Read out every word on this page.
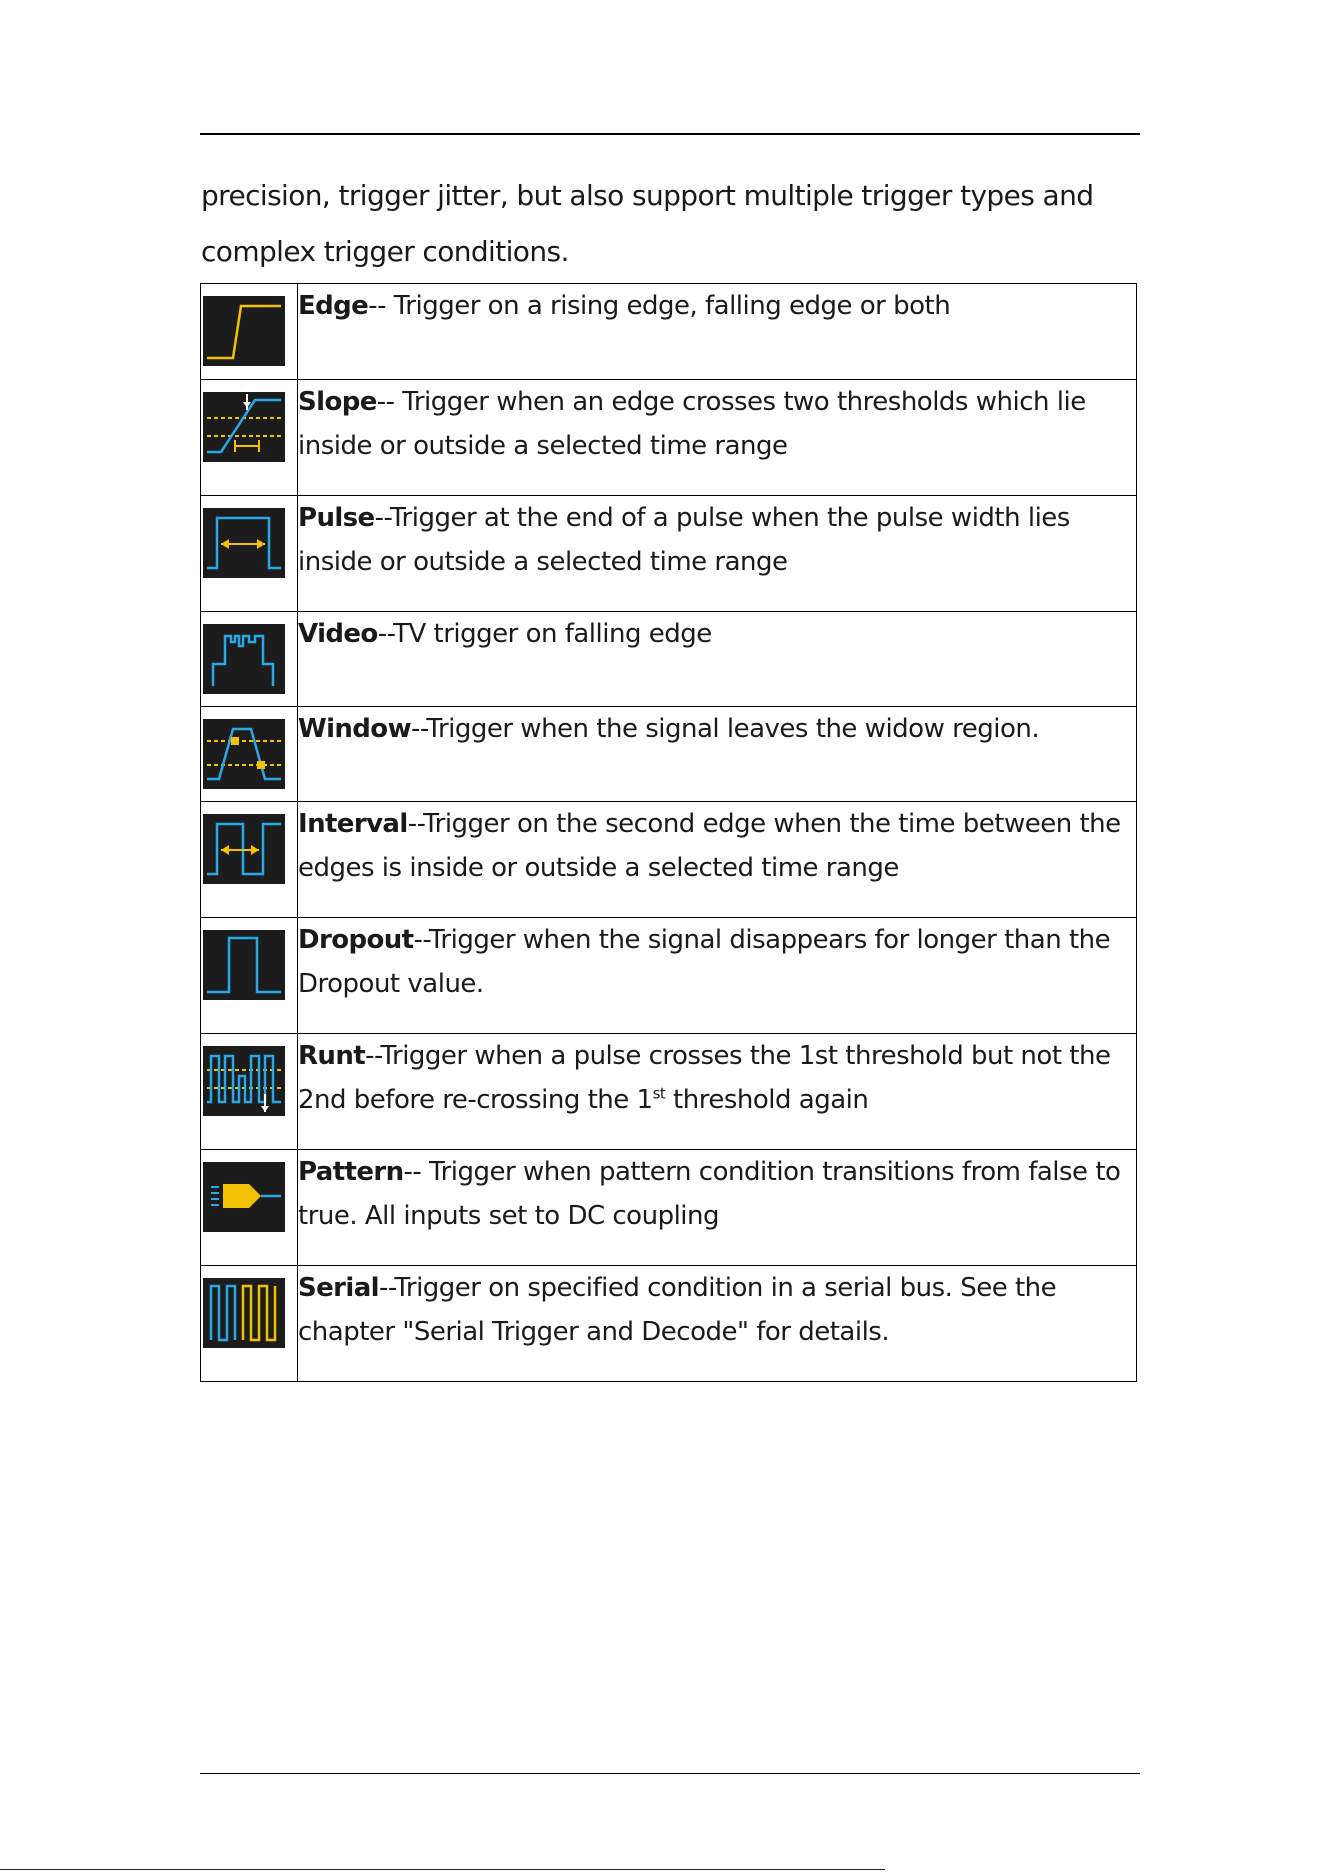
precision, trigger jitter, but also support multiple trigger types and complex trigger conditions.

	Edge-- Trigger on a rising edge, falling edge or both

	Slope-- Trigger when an edge crosses two thresholds which lie inside or outside a selected time range

	Pulse--Trigger at the end of a pulse when the pulse width lies inside or outside a selected time range

	Video--TV trigger on falling edge

	Window--Trigger when the signal leaves the widow region.

	Interval--Trigger on the second edge when the time between the edges is inside or outside a selected time range

	Dropout--Trigger when the signal disappears for longer than the Dropout value.

	Runt--Trigger when a pulse crosses the 1st threshold but not the 2nd before re-crossing the 1st threshold again

	Pattern-- Trigger when pattern condition transitions from false to true. All inputs set to DC coupling

	Serial--Trigger on specified condition in a serial bus. See the chapter "Serial Trigger and Decode" for details.
